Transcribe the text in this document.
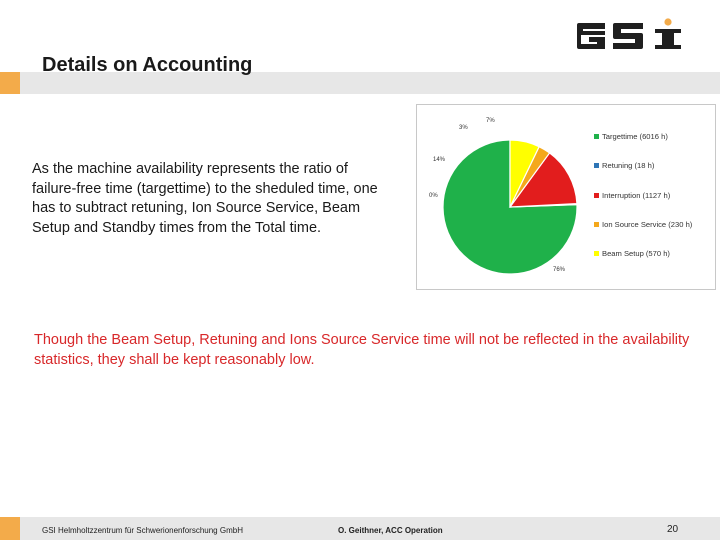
Details on Accounting
As the machine availability represents the ratio of failure-free time (targettime) to the sheduled time, one has to subtract retuning, Ion Source Service, Beam Setup and Standby times from the Total time.
76%
0%
14%
3%
7%
Targettime (6016 h)
Retuning (18 h)
Interruption (1127 h)
Ion Source Service (230 h)
Beam Setup (570 h)
Though the Beam Setup, Retuning and Ions Source Service time will not be reflected in the availability statistics, they shall be kept reasonably low.
GSI Helmholtzzentrum für Schwerionenforschung GmbH	O. Geithner, ACC Operation	20
